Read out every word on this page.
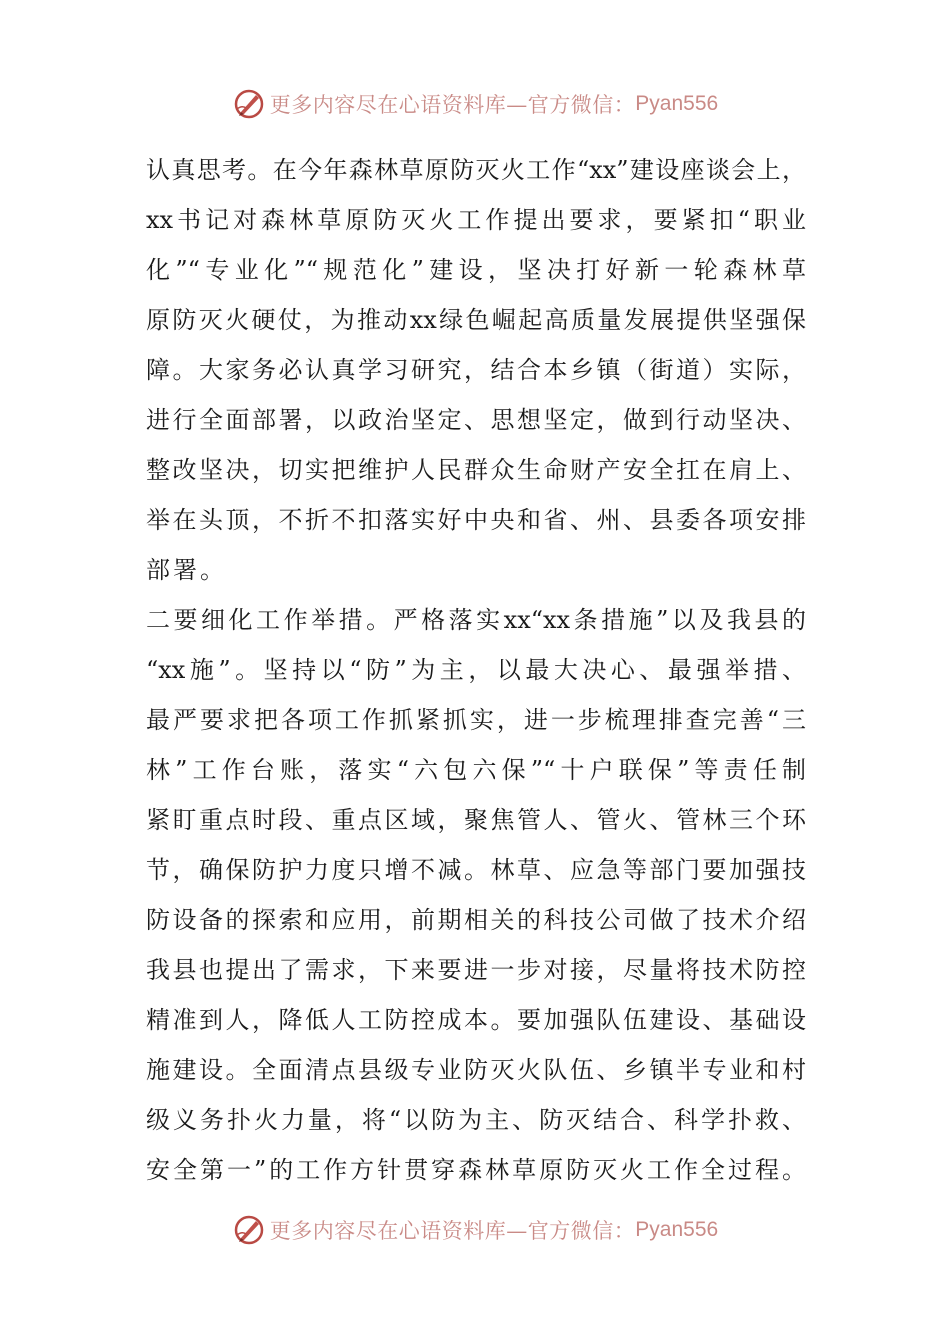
更多内容尽在心语资料库—官方微信： Pyan556
认真思考。在今年森林草原防灭火工作“xx”建设座谈会上，
xx书记对森林草原防灭火工作提出要求，要紧扣“职业
化”“专业化”“规范化”建设，坚决打好新一轮森林草
原防灭火硬仗，为推动xx绿色崛起高质量发展提供坚强保
障。大家务必认真学习研究，结合本乡镇（街道）实际，
进行全面部署，以政治坚定、思想坚定，做到行动坚决、
整改坚决，切实把维护人民群众生命财产安全扛在肩上、
举在头顶，不折不扣落实好中央和省、州、县委各项安排
部署。
二要细化工作举措。严格落实xx“xx条措施”以及我县的
“xx施”。坚持以“防”为主，以最大决心、最强举措、
最严要求把各项工作抓紧抓实，进一步梳理排查完善“三
林”工作台账，落实“六包六保”“十户联保”等责任制
紧盯重点时段、重点区域，聚焦管人、管火、管林三个环
节，确保防护力度只增不减。林草、应急等部门要加强技
防设备的探索和应用，前期相关的科技公司做了技术介绍
我县也提出了需求，下来要进一步对接，尽量将技术防控
精准到人，降低人工防控成本。要加强队伍建设、基础设
施建设。全面清点县级专业防灭火队伍、乡镇半专业和村
级义务扑火力量，将“以防为主、防灭结合、科学扑救、
安全第一”的工作方针贯穿森林草原防灭火工作全过程。
更多内容尽在心语资料库—官方微信： Pyan556
